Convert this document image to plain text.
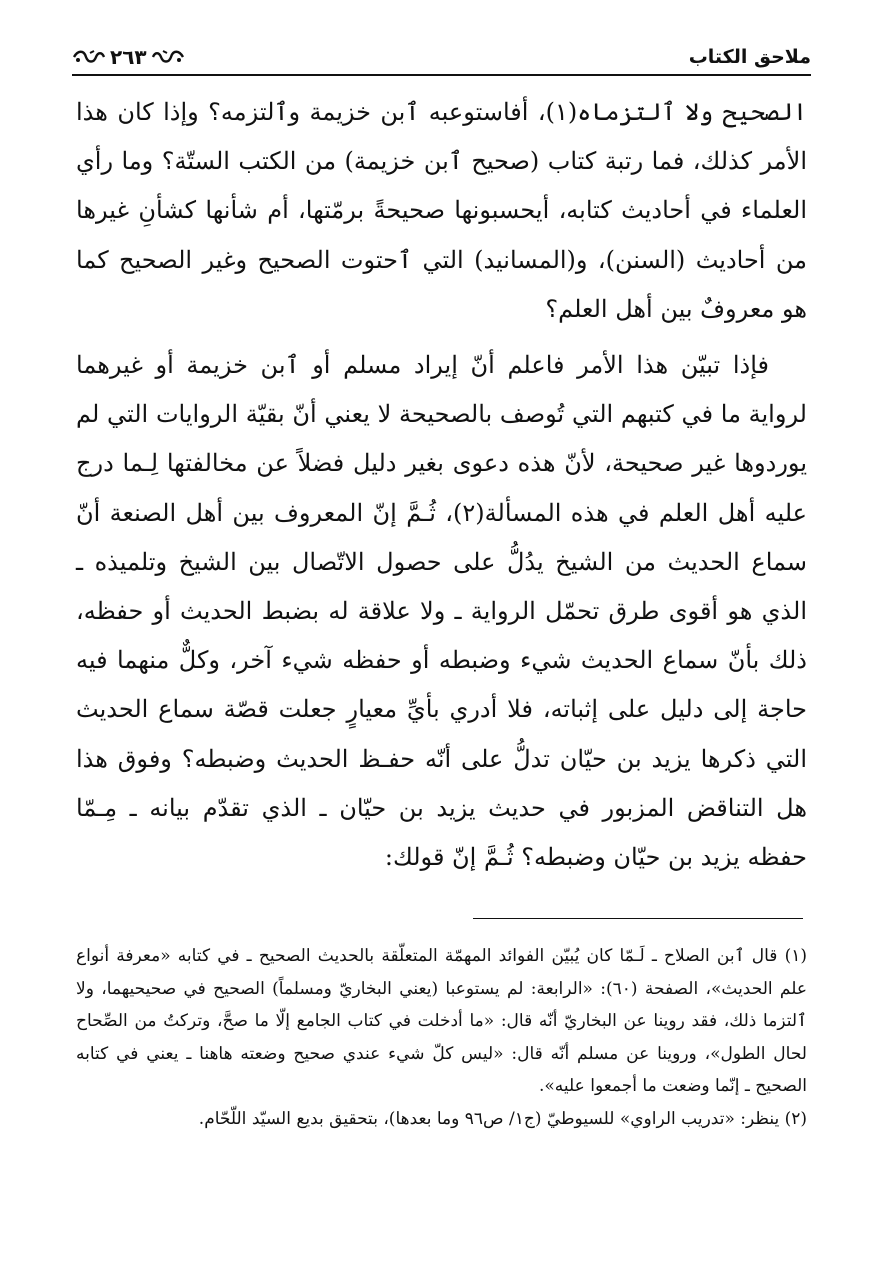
ملاحق الكتاب
٢٦٣

الصحيح ولا ٱلتزماه(١)، أفاستوعبه ٱبن خزيمة وٱلتزمه؟ وإذا كان هذا الأمر كذلك، فما رتبة كتاب (صحيح ٱبن خزيمة) من الكتب الستّة؟ وما رأي العلماء في أحاديث كتابه، أيحسبونها صحيحةً برمّتها، أم شأنها كشأنِ غيرها من أحاديث (السنن)، و(المسانيد) التي ٱحتوت الصحيح وغير الصحيح كما هو معروفٌ بين أهل العلم؟

فإذا تبيّن هذا الأمر فاعلم أنّ إيراد مسلم أو ٱبن خزيمة أو غيرهما لرواية ما في كتبهم التي تُوصف بالصحيحة لا يعني أنّ بقيّة الروايات التي لم يوردوها غير صحيحة، لأنّ هذه دعوى بغير دليل فضلاً عن مخالفتها لِـما درج عليه أهل العلم في هذه المسألة(٢)، ثُـمَّ إنّ المعروف بين أهل الصنعة أنّ سماع الحديث من الشيخ يدُلُّ على حصول الاتّصال بين الشيخ وتلميذه ـ الذي هو أقوى طرق تحمّل الرواية ـ ولا علاقة له بضبط الحديث أو حفظه، ذلك بأنّ سماع الحديث شيء وضبطه أو حفظه شيء آخر، وكلٌّ منهما فيه حاجة إلى دليل على إثباته، فلا أدري بأيِّ معيارٍ جعلت قصّة سماع الحديث التي ذكرها يزيد بن حيّان تدلُّ على أنّه حفـظ الحديث وضبطه؟ وفوق هذا هل التناقض المزبور في حديث يزيد بن حيّان ـ الذي تقدّم بيانه ـ مِـمّا حفظه يزيد بن حيّان وضبطه؟ ثُـمَّ إنّ قولك:

(١) قال ٱبن الصلاح ـ لَـمّا كان يُبيّن الفوائد المهمّة المتعلّقة بالحديث الصحيح ـ في كتابه «معرفة أنواع علم الحديث»، الصفحة (٦٠): «الرابعة: لم يستوعبا (يعني البخاريّ ومسلماً) الصحيح في صحيحيهما، ولا ٱلتزما ذلك، فقد روينا عن البخاريّ أنّه قال: «ما أدخلت في كتاب الجامع إلّا ما صحَّ، وتركتُ من الصِّحاح لحال الطول»، وروينا عن مسلم أنّه قال: «ليس كلّ شيء عندي صحيح وضعته هاهنا ـ يعني في كتابه الصحيح ـ إنّما وضعت ما أجمعوا عليه».

(٢) ينظر: «تدريب الراوي» للسيوطيّ (ج١/ ص٩٦ وما بعدها)، بتحقيق بديع السيّد اللّحّام.
